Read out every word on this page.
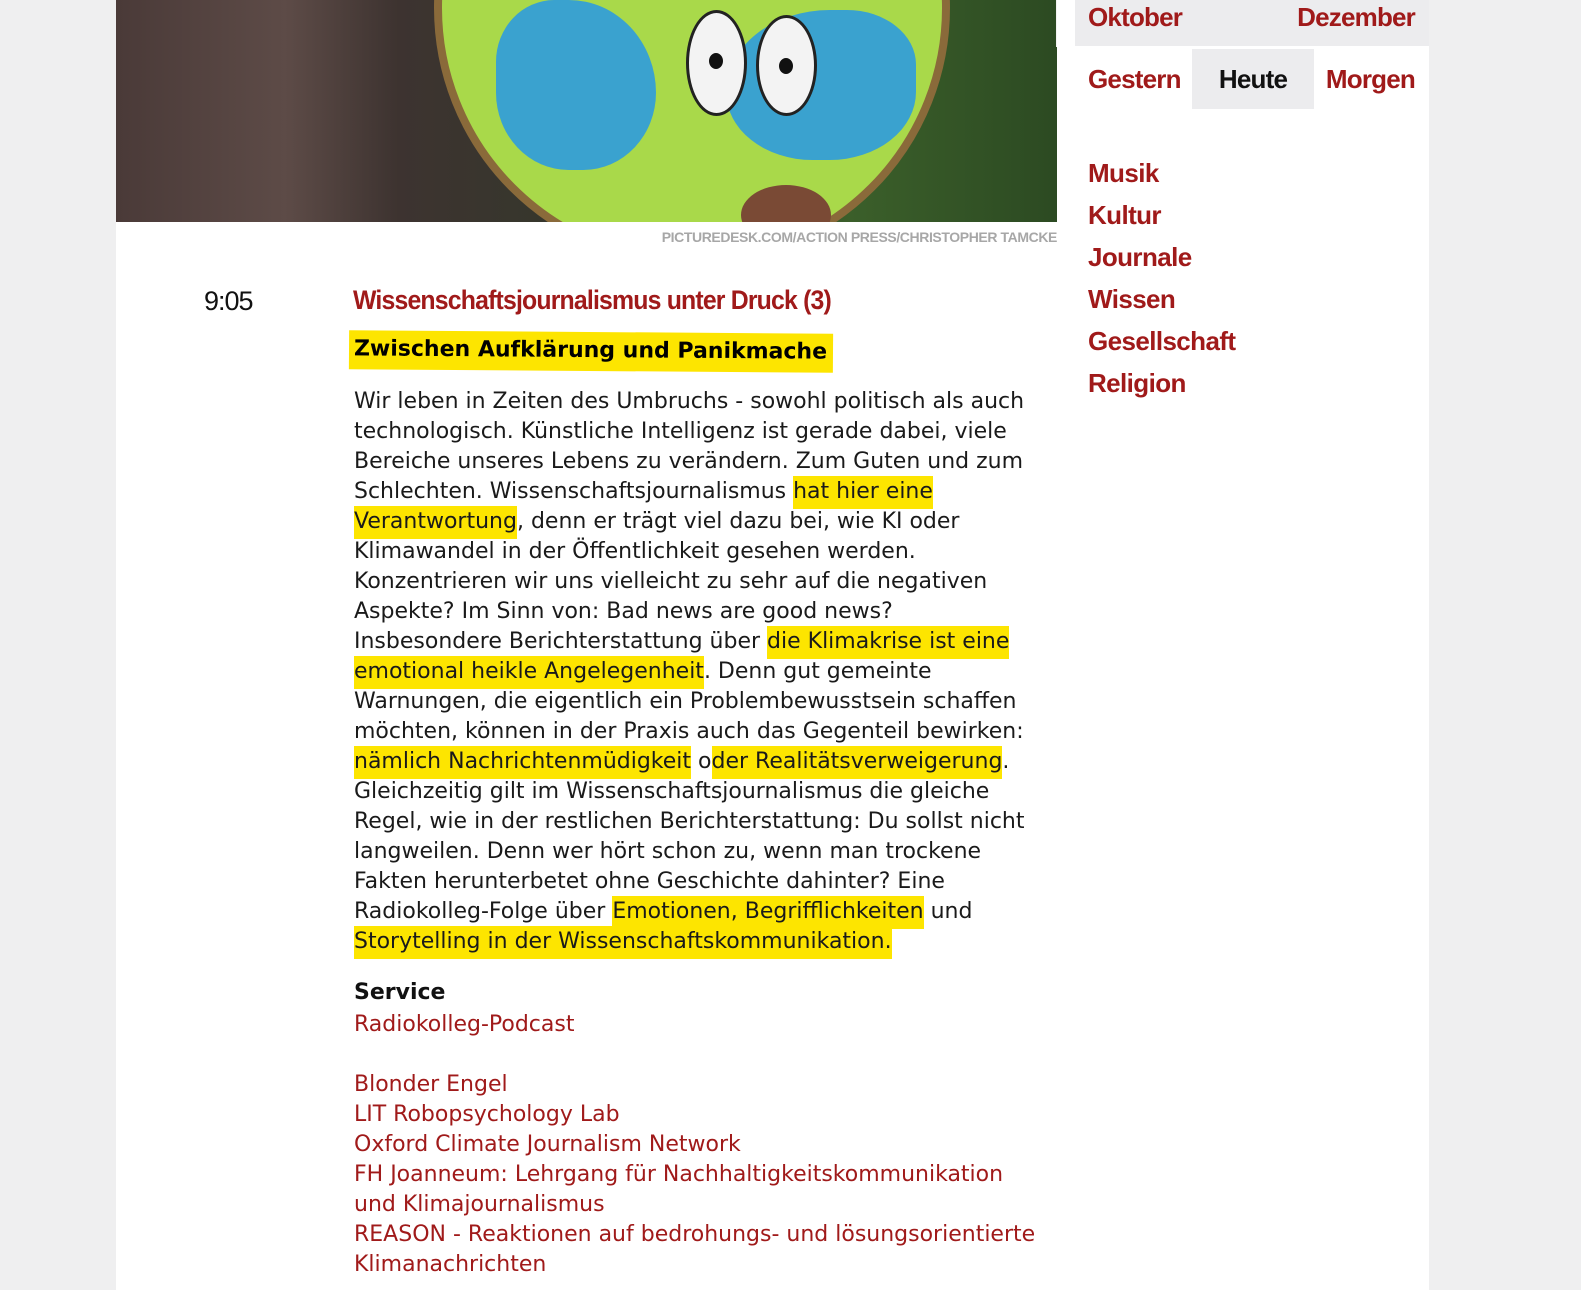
PICTUREDESK.COM/ACTION PRESS/CHRISTOPHER TAMCKE
9:05	Wissenschaftsjournalismus unter Druck (3)
Zwischen Aufklärung und Panikmache
Wir leben in Zeiten des Umbruchs - sowohl politisch als auch technologisch. Künstliche Intelligenz ist gerade dabei, viele Bereiche unseres Lebens zu verändern. Zum Guten und zum Schlechten. Wissenschaftsjournalismus hat hier eine Verantwortung, denn er trägt viel dazu bei, wie KI oder Klimawandel in der Öffentlichkeit gesehen werden. Konzentrieren wir uns vielleicht zu sehr auf die negativen Aspekte? Im Sinn von: Bad news are good news? Insbesondere Berichterstattung über die Klimakrise ist eine emotional heikle Angelegenheit. Denn gut gemeinte Warnungen, die eigentlich ein Problembewusstsein schaffen möchten, können in der Praxis auch das Gegenteil bewirken: nämlich Nachrichtenmüdigkeit oder Realitätsverweigerung. Gleichzeitig gilt im Wissenschaftsjournalismus die gleiche Regel, wie in der restlichen Berichterstattung: Du sollst nicht langweilen. Denn wer hört schon zu, wenn man trockene Fakten herunterbetet ohne Geschichte dahinter? Eine Radiokolleg-Folge über Emotionen, Begrifflichkeiten und Storytelling in der Wissenschaftskommunikation.
Service
Radiokolleg-Podcast
Blonder Engel
LIT Robopsychology Lab
Oxford Climate Journalism Network
FH Joanneum: Lehrgang für Nachhaltigkeitskommunikation und Klimajournalismus
REASON - Reaktionen auf bedrohungs- und lösungsorientierte Klimanachrichten
Oktober	Dezember
Gestern	Heute	Morgen
Musik
Kultur
Journale
Wissen
Gesellschaft
Religion
